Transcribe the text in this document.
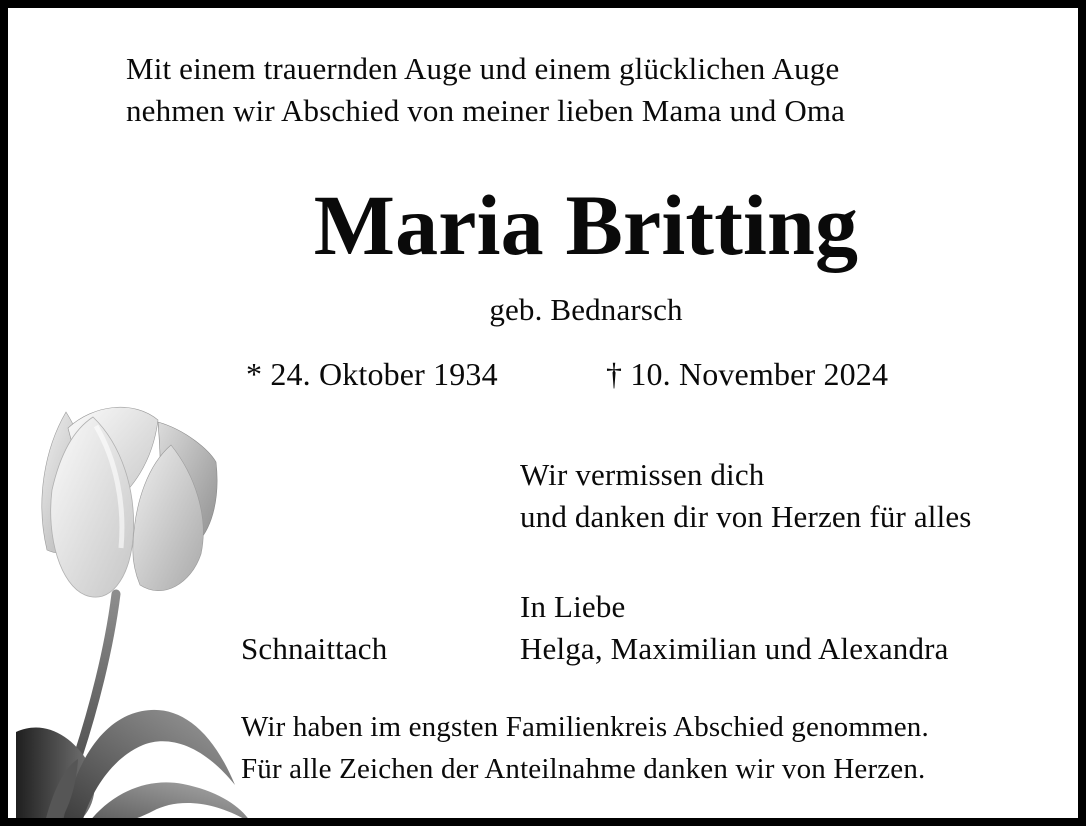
Mit einem trauernden Auge und einem glücklichen Auge
nehmen wir Abschied von meiner lieben Mama und Oma
Maria Britting
geb. Bednarsch
* 24. Oktober 1934	† 10. November 2024
Wir vermissen dich
und danken dir von Herzen für alles
In Liebe
Helga, Maximilian und Alexandra
Schnaittach
Wir haben im engsten Familienkreis Abschied genommen.
Für alle Zeichen der Anteilnahme danken wir von Herzen.
